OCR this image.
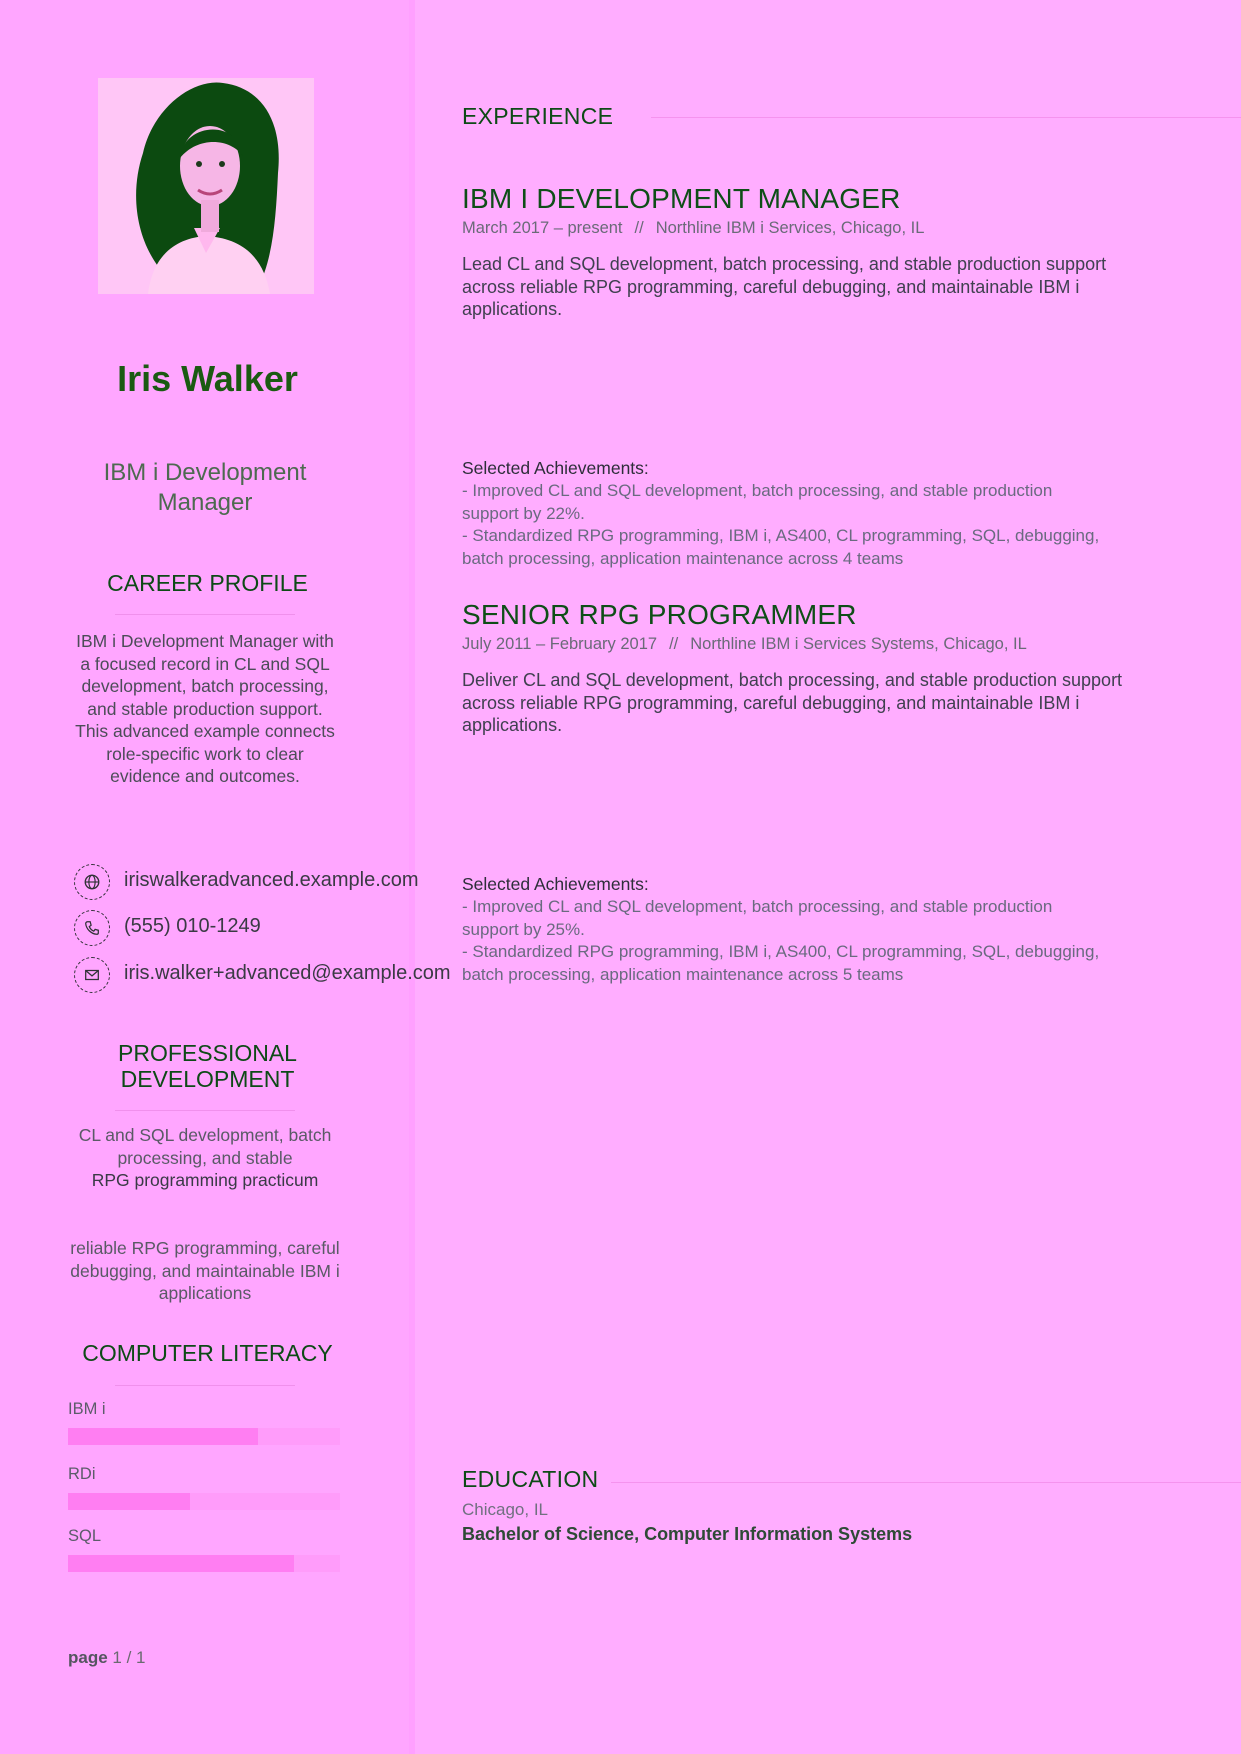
Iris Walker
IBM i Development Manager
CAREER PROFILE
IBM i Development Manager with a focused record in CL and SQL development, batch processing, and stable production support. This advanced example connects role-specific work to clear evidence and outcomes.
iriswalkeradvanced.example.com
(555) 010-1249
iris.walker+advanced@example.com
PROFESSIONAL DEVELOPMENT
CL and SQL development, batch processing, and stable
RPG programming practicum
reliable RPG programming, careful debugging, and maintainable IBM i applications
COMPUTER LITERACY
IBM i
RDi
SQL
page 1 / 1
EXPERIENCE
IBM I DEVELOPMENT MANAGER
March 2017 – present // Northline IBM i Services, Chicago, IL
Lead CL and SQL development, batch processing, and stable production support across reliable RPG programming, careful debugging, and maintainable IBM i applications.
Selected Achievements:
- Improved CL and SQL development, batch processing, and stable production support by 22%.
- Standardized RPG programming, IBM i, AS400, CL programming, SQL, debugging, batch processing, application maintenance across 4 teams
SENIOR RPG PROGRAMMER
July 2011 – February 2017 // Northline IBM i Services Systems, Chicago, IL
Deliver CL and SQL development, batch processing, and stable production support across reliable RPG programming, careful debugging, and maintainable IBM i applications.
Selected Achievements:
- Improved CL and SQL development, batch processing, and stable production support by 25%.
- Standardized RPG programming, IBM i, AS400, CL programming, SQL, debugging, batch processing, application maintenance across 5 teams
EDUCATION
Chicago, IL
Bachelor of Science, Computer Information Systems
